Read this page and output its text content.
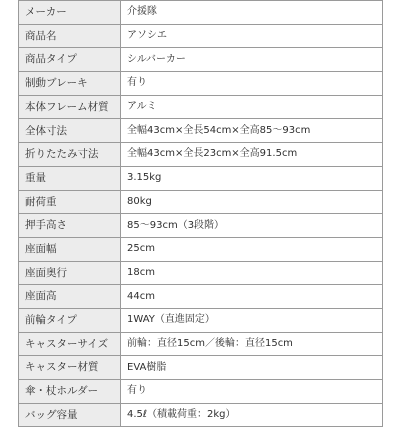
メーカー	介援隊
商品名	アソシエ
商品タイプ	シルバーカー
制動ブレーキ	有り
本体フレーム材質	アルミ
全体寸法	全幅43cm×全長54cm×全高85〜93cm
折りたたみ寸法	全幅43cm×全長23cm×全高91.5cm
重量	3.15kg
耐荷重	80kg
押手高さ	85〜93cm（3段階）
座面幅	25cm
座面奥行	18cm
座面高	44cm
前輪タイプ	1WAY（直進固定）
キャスターサイズ	前輪：直径15cm／後輪：直径15cm
キャスター材質	EVA樹脂
傘・杖ホルダー	有り
バッグ容量	4.5ℓ（積載荷重：2kg）
